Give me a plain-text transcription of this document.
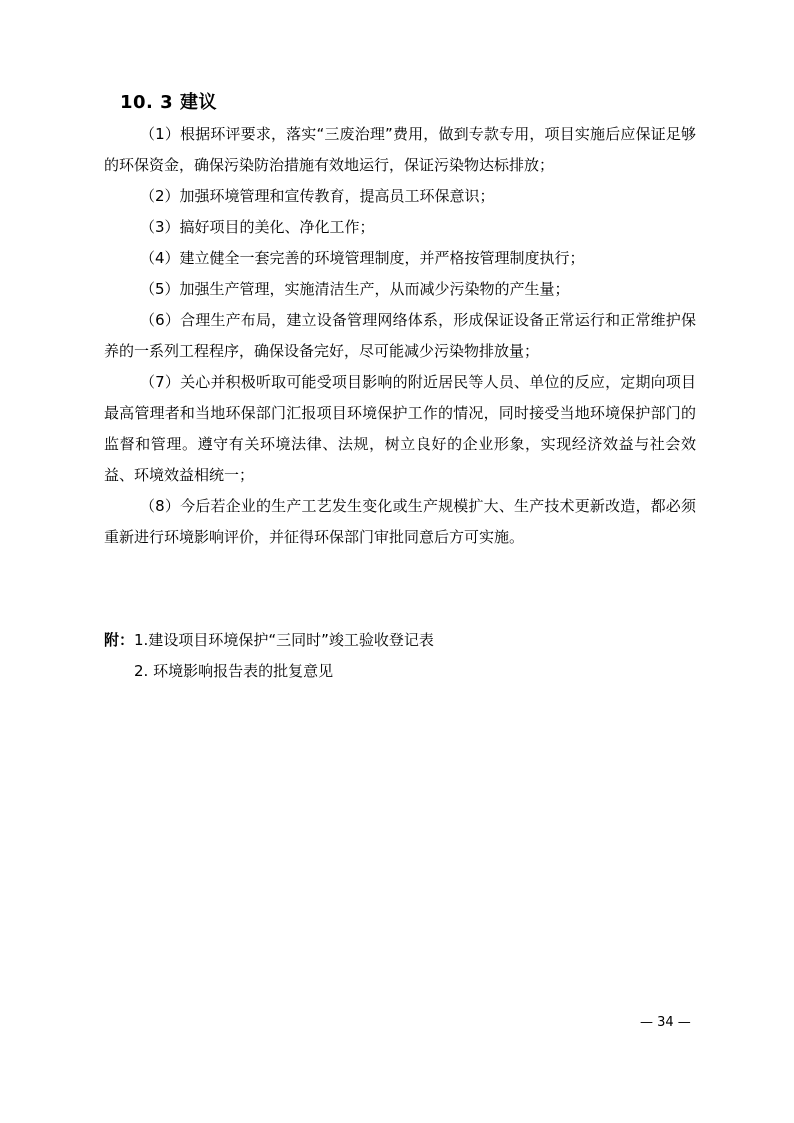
10. 3 建议

（1）根据环评要求，落实“三废治理”费用，做到专款专用，项目实施后应保证足够的环保资金，确保污染防治措施有效地运行，保证污染物达标排放；

（2）加强环境管理和宣传教育，提高员工环保意识；

（3）搞好项目的美化、净化工作；

（4）建立健全一套完善的环境管理制度，并严格按管理制度执行；

（5）加强生产管理，实施清洁生产，从而减少污染物的产生量；

（6）合理生产布局，建立设备管理网络体系，形成保证设备正常运行和正常维护保养的一系列工程程序，确保设备完好，尽可能减少污染物排放量；

（7）关心并积极听取可能受项目影响的附近居民等人员、单位的反应，定期向项目最高管理者和当地环保部门汇报项目环境保护工作的情况，同时接受当地环境保护部门的监督和管理。遵守有关环境法律、法规，树立良好的企业形象，实现经济效益与社会效益、环境效益相统一；

（8）今后若企业的生产工艺发生变化或生产规模扩大、生产技术更新改造，都必须重新进行环境影响评价，并征得环保部门审批同意后方可实施。

附： 1.建设项目环境保护“三同时”竣工验收登记表
2. 环境影响报告表的批复意见
— 34 —
